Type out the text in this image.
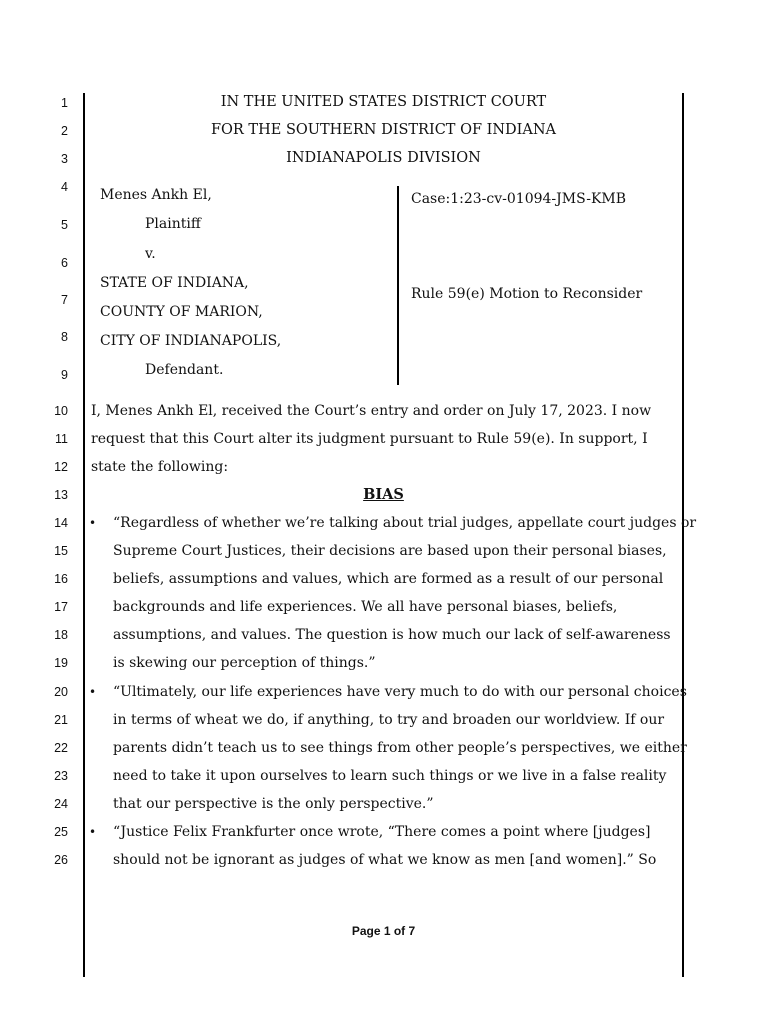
1
2
3
4
5
6
7
8
9
10
11
12
13
14
15
16
17
18
19
20
21
22
23
24
25
26
IN THE UNITED STATES DISTRICT COURT
FOR THE SOUTHERN DISTRICT OF INDIANA
INDIANAPOLIS DIVISION
Menes Ankh El,
Plaintiff
v.
STATE OF INDIANA,
COUNTY OF MARION,
CITY OF INDIANAPOLIS,
Defendant.
Case:1:23-cv-01094-JMS-KMB
Rule 59(e) Motion to Reconsider
I, Menes Ankh El, received the Court’s entry and order on July 17, 2023. I now
request that this Court alter its judgment pursuant to Rule 59(e). In support, I
state the following:
BIAS
• “Regardless of whether we’re talking about trial judges, appellate court judges or
Supreme Court Justices, their decisions are based upon their personal biases,
beliefs, assumptions and values, which are formed as a result of our personal
backgrounds and life experiences. We all have personal biases, beliefs,
assumptions, and values. The question is how much our lack of self-awareness
is skewing our perception of things.”
• “Ultimately, our life experiences have very much to do with our personal choices
in terms of wheat we do, if anything, to try and broaden our worldview. If our
parents didn’t teach us to see things from other people’s perspectives, we either
need to take it upon ourselves to learn such things or we live in a false reality
that our perspective is the only perspective.”
• “Justice Felix Frankfurter once wrote, “There comes a point where [judges]
should not be ignorant as judges of what we know as men [and women].” So
Page 1 of 7
